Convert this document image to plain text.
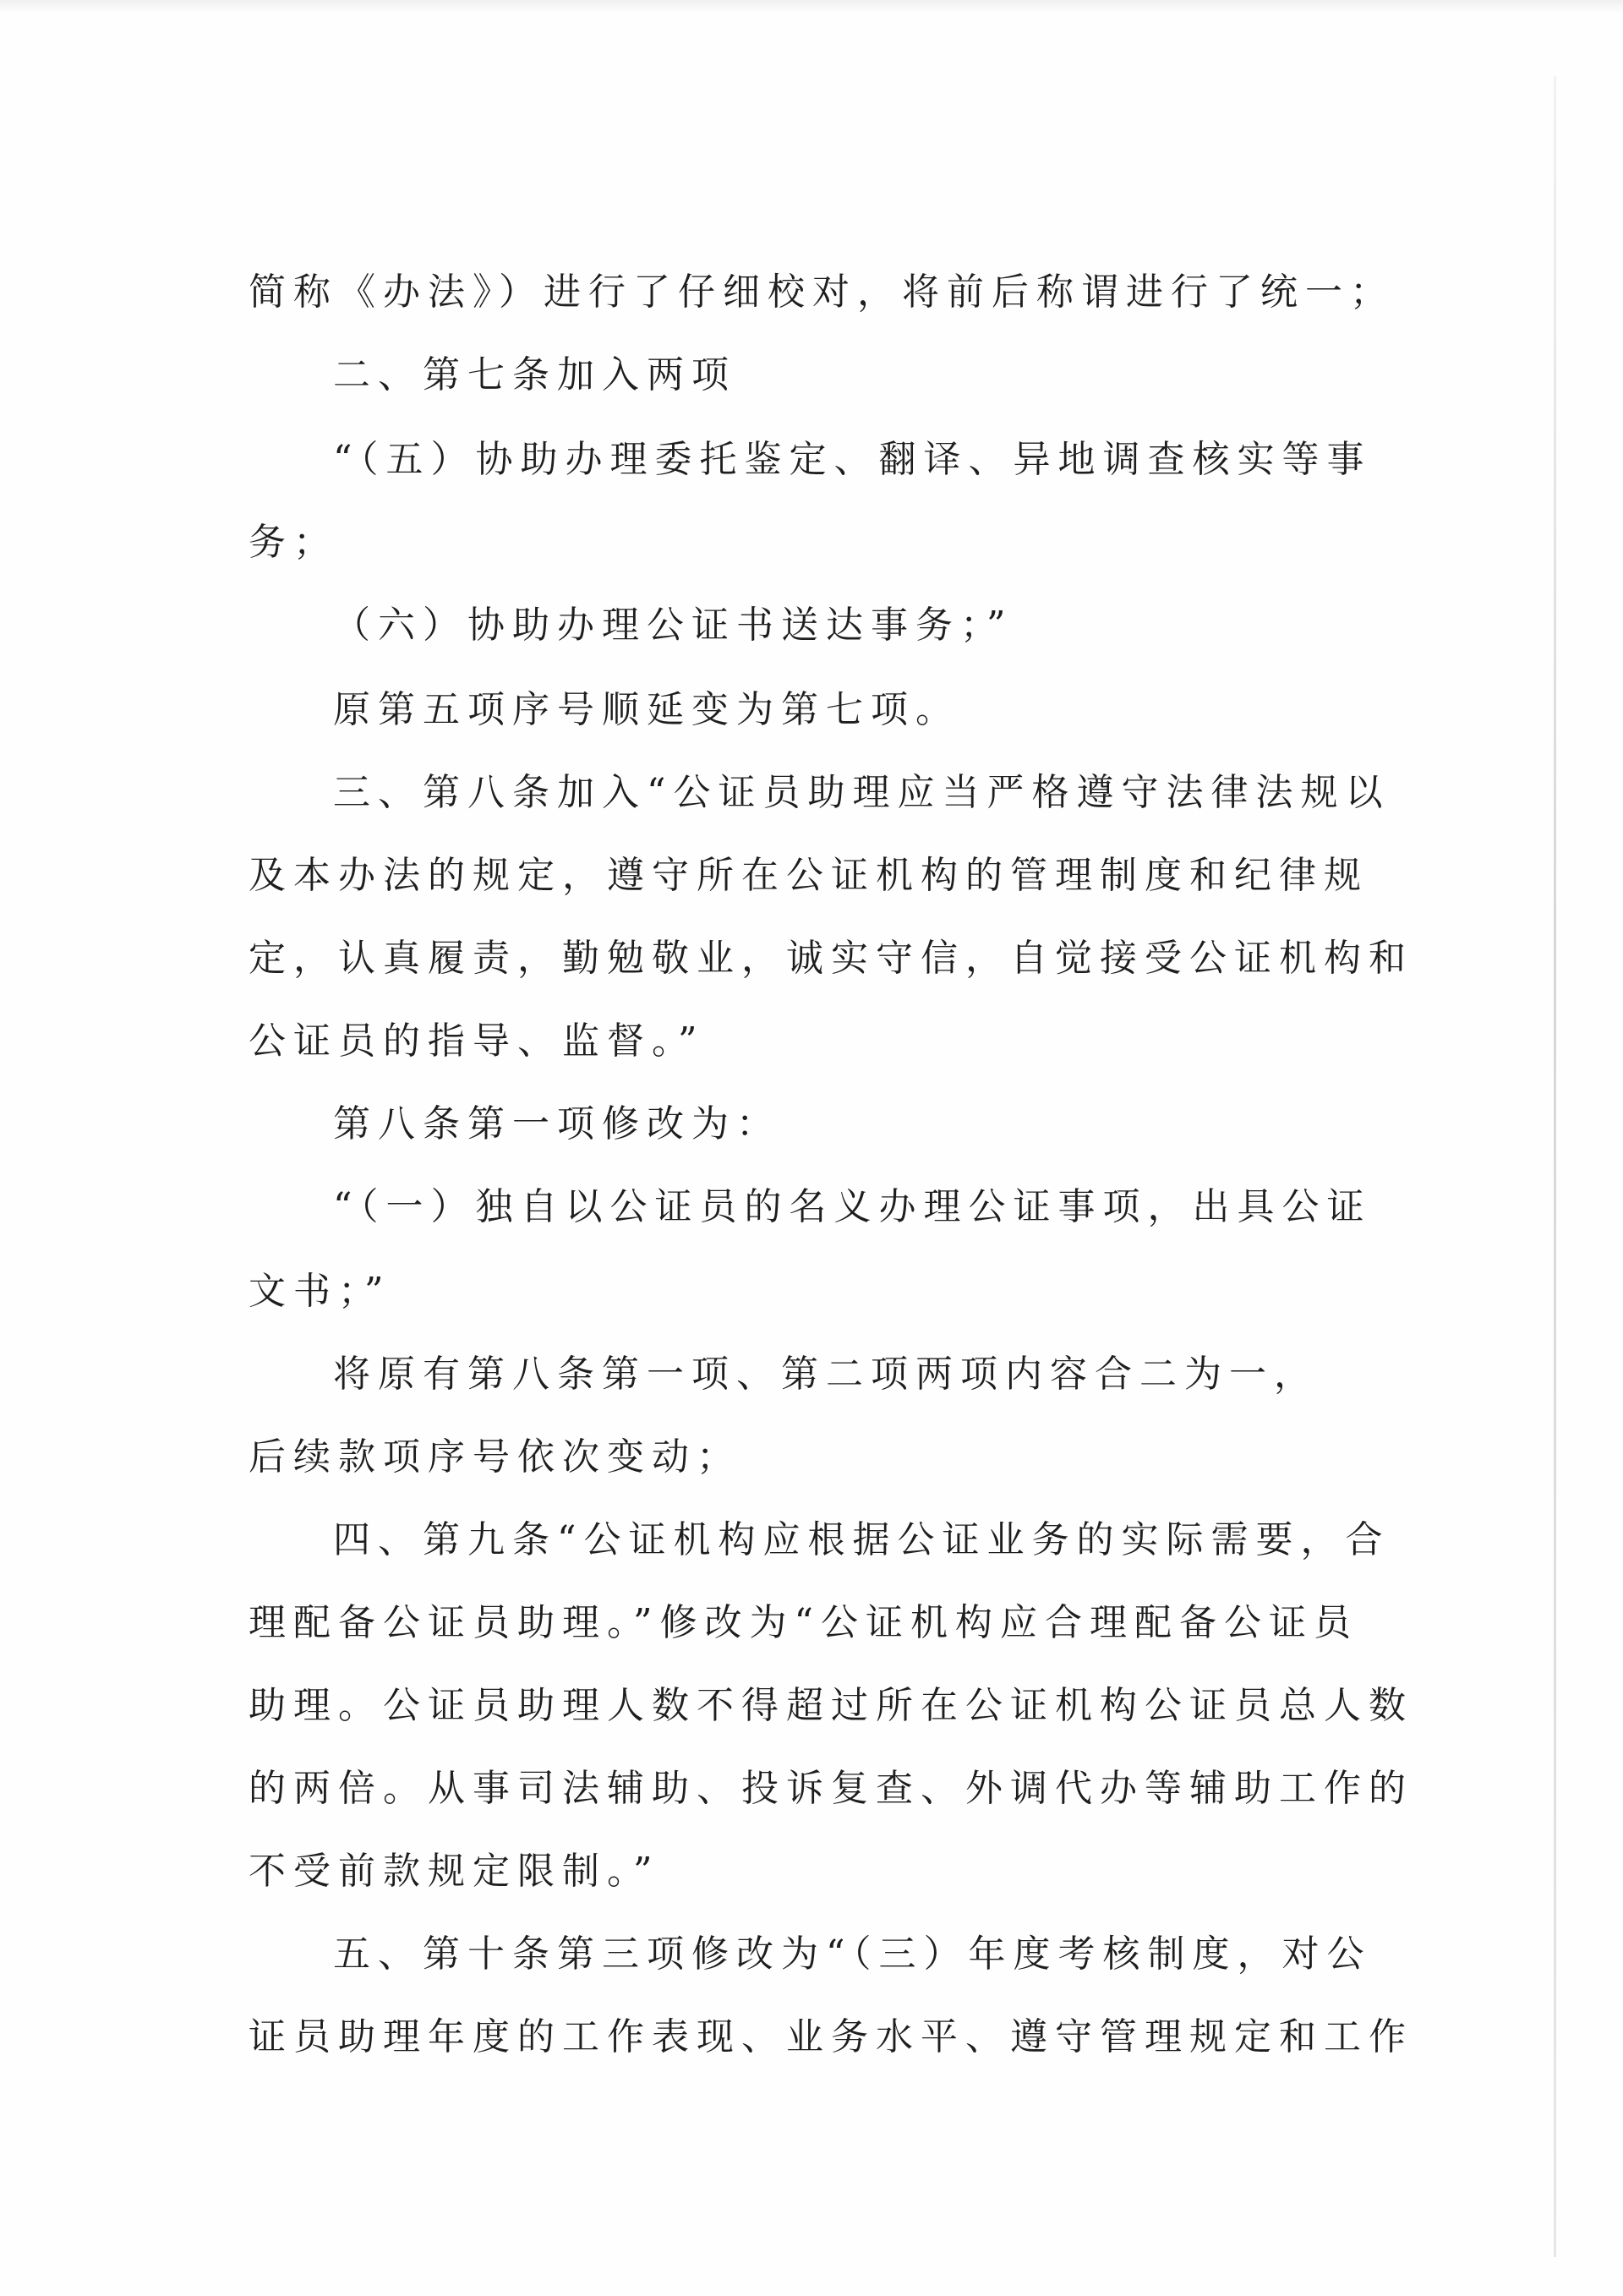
简称《办法》）进行了仔细校对，将前后称谓进行了统一；
二、第七条加入两项
“（五）协助办理委托鉴定、翻译、异地调查核实等事
务；
（六）协助办理公证书送达事务；”
原第五项序号顺延变为第七项。
三、第八条加入“公证员助理应当严格遵守法律法规以
及本办法的规定，遵守所在公证机构的管理制度和纪律规
定，认真履责，勤勉敬业，诚实守信，自觉接受公证机构和
公证员的指导、监督。”
第八条第一项修改为：
“（一）独自以公证员的名义办理公证事项，出具公证
文书；”
将原有第八条第一项、第二项两项内容合二为一，
后续款项序号依次变动；
四、第九条“公证机构应根据公证业务的实际需要，合
理配备公证员助理。”修改为“公证机构应合理配备公证员
助理。公证员助理人数不得超过所在公证机构公证员总人数
的两倍。从事司法辅助、投诉复查、外调代办等辅助工作的
不受前款规定限制。”
五、第十条第三项修改为“（三）年度考核制度，对公
证员助理年度的工作表现、业务水平、遵守管理规定和工作
